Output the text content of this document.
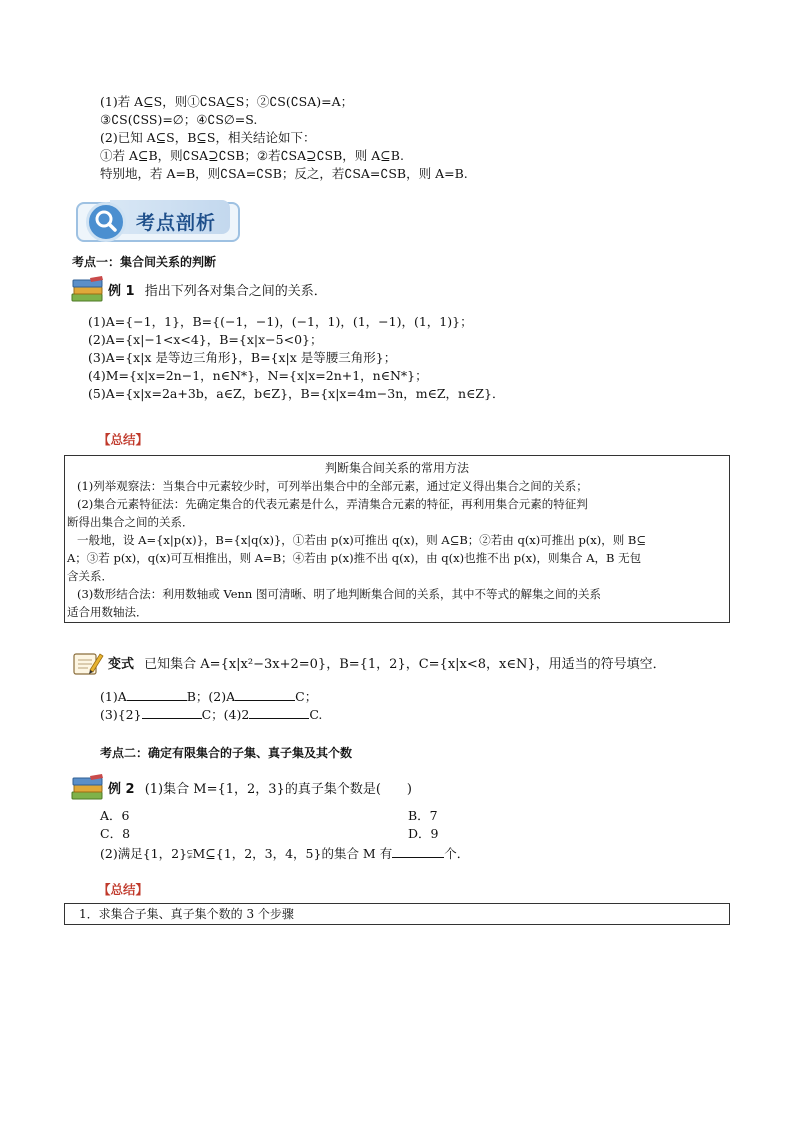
(1)若 A⊆S，则①∁SA⊆S；②∁S(∁SA)=A；
③∁S(∁SS)=∅；④∁S∅=S.
(2)已知 A⊆S，B⊆S，相关结论如下：
①若 A⊆B，则∁SA⊇∁SB；②若∁SA⊇∁SB，则 A⊆B.
特别地，若 A=B，则∁SA=∁SB；反之，若∁SA=∁SB，则 A=B.
考点剖析
考点一：集合间关系的判断
例 1 指出下列各对集合之间的关系．
(1)A={−1，1}，B={(−1，−1)，(−1，1)，(1，−1)，(1，1)}；
(2)A={x|−1<x<4}，B={x|x−5<0}；
(3)A={x|x 是等边三角形}，B={x|x 是等腰三角形}；
(4)M={x|x=2n−1，n∈N*}，N={x|x=2n+1，n∈N*}；
(5)A={x|x=2a+3b，a∈Z，b∈Z}，B={x|x=4m−3n，m∈Z，n∈Z}．
【总结】
判断集合间关系的常用方法
(1)列举观察法：当集合中元素较少时，可列举出集合中的全部元素，通过定义得出集合之间的关系；
(2)集合元素特征法：先确定集合的代表元素是什么，弄清集合元素的特征，再利用集合元素的特征判
断得出集合之间的关系．
一般地，设 A={x|p(x)}，B={x|q(x)}，①若由 p(x)可推出 q(x)，则 A⊆B；②若由 q(x)可推出 p(x)，则 B⊆
A；③若 p(x)，q(x)可互相推出，则 A=B；④若由 p(x)推不出 q(x)，由 q(x)也推不出 p(x)，则集合 A，B 无包
含关系．
(3)数形结合法：利用数轴或 Venn 图可清晰、明了地判断集合间的关系，其中不等式的解集之间的关系
适合用数轴法．
变式 已知集合 A={x|x²−3x+2=0}，B={1，2}，C={x|x<8，x∈N}，用适当的符号填空．
(1)A	B；(2)A	C；
(3){2}	C；(4)2	C.
考点二：确定有限集合的子集、真子集及其个数
例 2 (1)集合 M={1，2，3}的真子集个数是(　　)
A．6	B．7
C．8	D．9
(2)满足{1，2}⫋M⊆{1，2，3，4，5}的集合 M 有	个．
【总结】
1．求集合子集、真子集个数的 3 个步骤
